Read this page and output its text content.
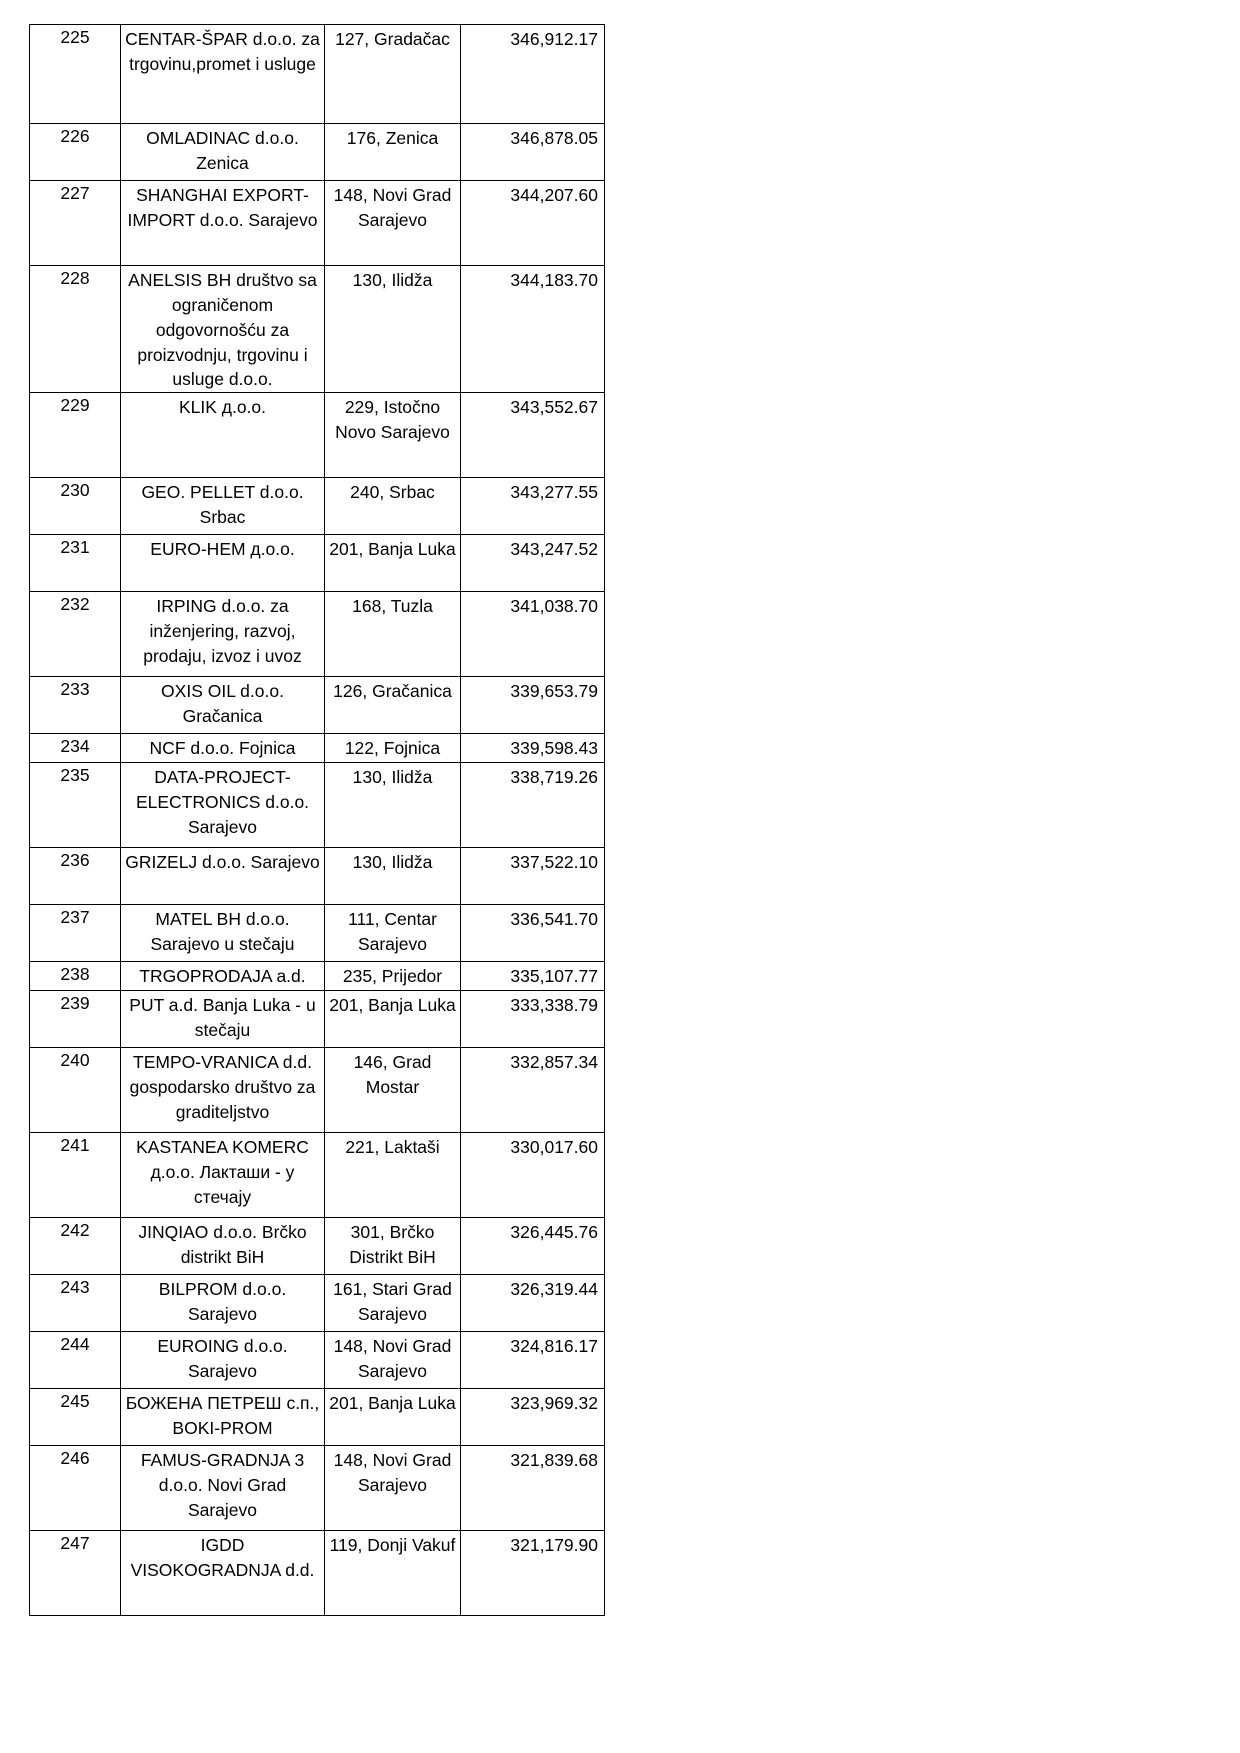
225	CENTAR-ŠPAR d.o.o. za trgovinu,promet i usluge	127, Gradačac	346,912.17

226	OMLADINAC d.o.o. Zenica	176, Zenica	346,878.05

227	SHANGHAI EXPORT-IMPORT d.o.o. Sarajevo	148, Novi Grad Sarajevo	344,207.60

228	ANELSIS BH društvo sa ograničenom odgovornošću za proizvodnju, trgovinu i usluge d.o.o.	130, Ilidža	344,183.70

229	KLIK д.о.о.	229, Istočno Novo Sarajevo	343,552.67

230	GEO. PELLET d.o.o. Srbac	240, Srbac	343,277.55

231	EURO-HEM д.о.о.	201, Banja Luka	343,247.52

232	IRPING d.o.o. za inženjering, razvoj, prodaju, izvoz i uvoz	168, Tuzla	341,038.70

233	OXIS OIL d.o.o. Gračanica	126, Gračanica	339,653.79

234	NCF d.o.o. Fojnica	122, Fojnica	339,598.43

235	DATA-PROJECT-ELECTRONICS d.o.o. Sarajevo	130, Ilidža	338,719.26

236	GRIZELJ d.o.o. Sarajevo	130, Ilidža	337,522.10

237	MATEL BH d.o.o. Sarajevo u stečaju	111, Centar Sarajevo	336,541.70

238	TRGOPRODAJA a.d.	235, Prijedor	335,107.77

239	PUT a.d. Banja Luka - u stečaju	201, Banja Luka	333,338.79

240	TEMPO-VRANICA d.d. gospodarsko društvo za graditeljstvo	146, Grad Mostar	332,857.34

241	KASTANEA KOMERC д.о.о. Лакташи - у стечају	221, Laktaši	330,017.60

242	JINQIAO d.o.o. Brčko distrikt BiH	301, Brčko Distrikt BiH	326,445.76

243	BILPROM d.o.o. Sarajevo	161, Stari Grad Sarajevo	326,319.44

244	EUROING d.o.o. Sarajevo	148, Novi Grad Sarajevo	324,816.17

245	БОЖЕНА ПЕТРЕШ с.п., BOKI-PROM	201, Banja Luka	323,969.32

246	FAMUS-GRADNJA 3 d.o.o. Novi Grad Sarajevo	148, Novi Grad Sarajevo	321,839.68

247	IGDD VISOKOGRADNJA d.d.	119, Donji Vakuf	321,179.90
